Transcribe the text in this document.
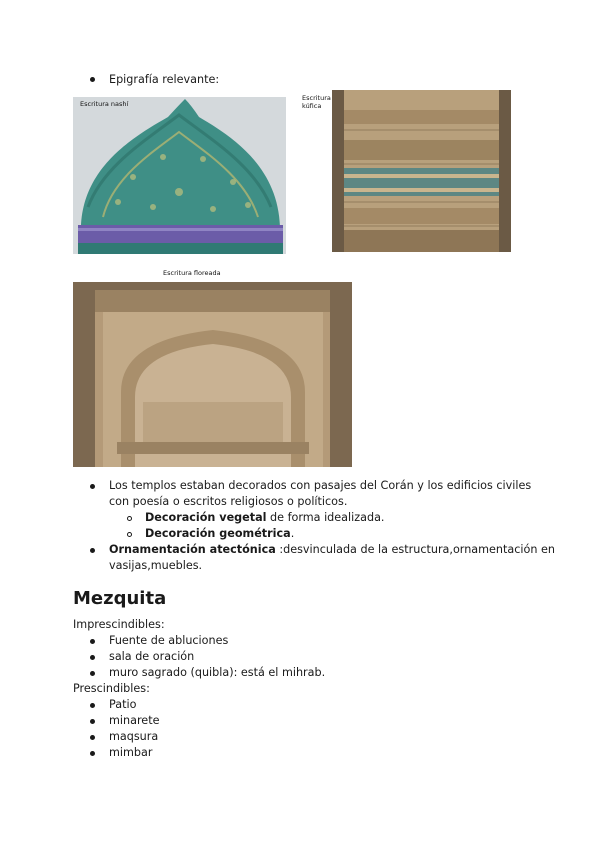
Epigrafía relevante:
Escritura nashí
Escritura
kúfica
Escritura floreada
Los templos estaban decorados con pasajes del Corán y los edificios civiles
con poesía o escritos religiosos o políticos.
Decoración vegetal de forma idealizada.
Decoración geométrica.
Ornamentación atectónica :desvinculada de la estructura,ornamentación en
vasijas,muebles.
Mezquita
Imprescindibles:
Fuente de abluciones
sala de oración
muro sagrado (quibla): está el mihrab.
Prescindibles:
Patio
minarete
maqsura
mimbar
